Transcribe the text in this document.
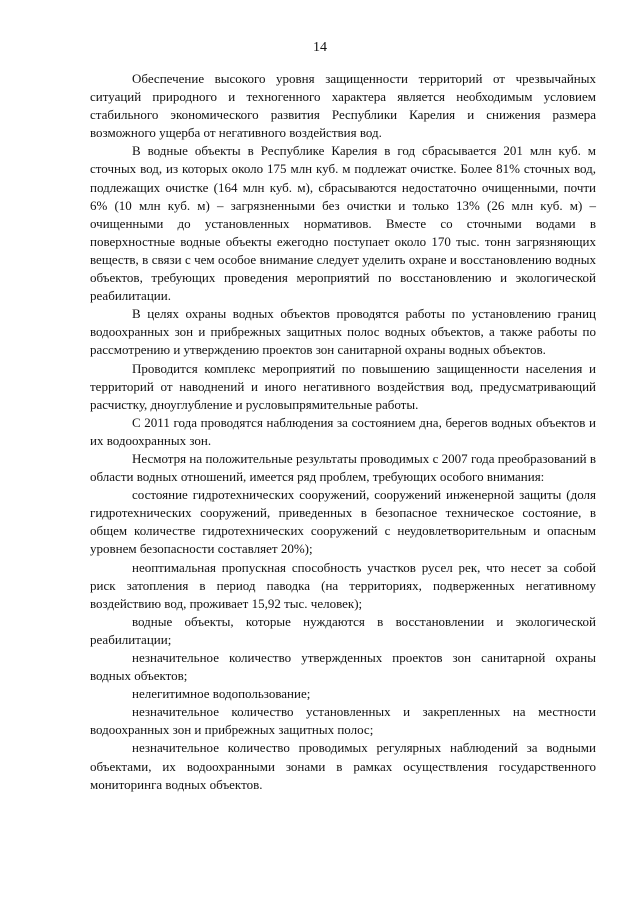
14

Обеспечение высокого уровня защищенности территорий от чрезвычайных ситуаций природного и техногенного характера является необходимым условием стабильного экономического развития Республики Карелия и снижения размера возможного ущерба от негативного воздействия вод.

В водные объекты в Республике Карелия в год сбрасывается 201 млн куб. м сточных вод, из которых около 175 млн куб. м подлежат очистке. Более 81% сточных вод, подлежащих очистке (164 млн куб. м), сбрасываются недостаточно очищенными, почти 6% (10 млн куб. м) – загрязненными без очистки и только 13% (26 млн куб. м) – очищенными до установленных нормативов. Вместе со сточными водами в поверхностные водные объекты ежегодно поступает около 170 тыс. тонн загрязняющих веществ, в связи с чем особое внимание следует уделить охране и восстановлению водных объектов, требующих проведения мероприятий по восстановлению и экологической реабилитации.

В целях охраны водных объектов проводятся работы по установлению границ водоохранных зон и прибрежных защитных полос водных объектов, а также работы по рассмотрению и утверждению проектов зон санитарной охраны водных объектов.

Проводится комплекс мероприятий по повышению защищенности населения и территорий от наводнений и иного негативного воздействия вод, предусматривающий расчистку, дноуглубление и русловыпрямительные работы.

С 2011 года проводятся наблюдения за состоянием дна, берегов водных объектов и их водоохранных зон.

Несмотря на положительные результаты проводимых с 2007 года преобразований в области водных отношений, имеется ряд проблем, требующих особого внимания:

состояние гидротехнических сооружений, сооружений инженерной защиты (доля гидротехнических сооружений, приведенных в безопасное техническое состояние, в общем количестве гидротехнических сооружений с неудовлетворительным и опасным уровнем безопасности составляет 20%);

неоптимальная пропускная способность участков русел рек, что несет за собой риск затопления в период паводка (на территориях, подверженных негативному воздействию вод, проживает 15,92 тыс. человек);

водные объекты, которые нуждаются в восстановлении и экологической реабилитации;

незначительное количество утвержденных проектов зон санитарной охраны водных объектов;

нелегитимное водопользование;

незначительное количество установленных и закрепленных на местности водоохранных зон и прибрежных защитных полос;

незначительное количество проводимых регулярных наблюдений за водными объектами, их водоохранными зонами в рамках осуществления государственного мониторинга водных объектов.
